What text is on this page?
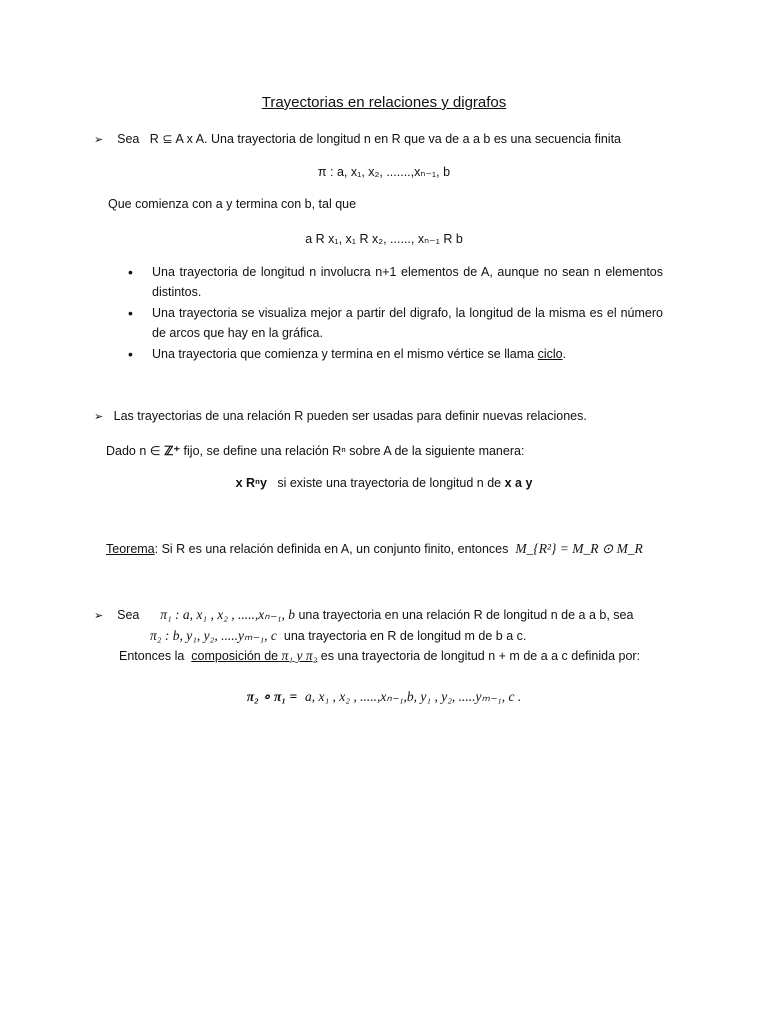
Trayectorias en relaciones y digrafos
➢ Sea R ⊆ A x A. Una trayectoria de longitud n en R que va de a a b es una secuencia finita
π : a, x₁, x₂, .......,xₙ₋₁, b
Que comienza con a y termina con b, tal que
a R x₁, x₁ R x₂, ......, xₙ₋₁ R b
• Una trayectoria de longitud n involucra n+1 elementos de A, aunque no sean n elementos distintos.
• Una trayectoria se visualiza mejor a partir del digrafo, la longitud de la misma es el número de arcos que hay en la gráfica.
• Una trayectoria que comienza y termina en el mismo vértice se llama ciclo.
➢ Las trayectorias de una relación R pueden ser usadas para definir nuevas relaciones.
Dado n ∈ ℤ⁺ fijo, se define una relación Rⁿ sobre A de la siguiente manera:
x Rⁿy si existe una trayectoria de longitud n de x a y
Teorema: Si R es una relación definida en A, un conjunto finito, entonces M_{R²} = M_R ⊙ M_R
➢ Sea π₁ : a, x₁ , x₂ , .....,xₙ₋₁, b una trayectoria en una relación R de longitud n de a a b, sea
π₂ : b, y₁, y₂, .....yₘ₋₁, c una trayectoria en R de longitud m de b a c.
Entonces la composición de π₁ y π₂ es una trayectoria de longitud n + m de a a c definida por:
π₂ ∘ π₁ = a, x₁ , x₂ , .....,xₙ₋₁,b, y₁ , y₂, .....yₘ₋₁, c .
